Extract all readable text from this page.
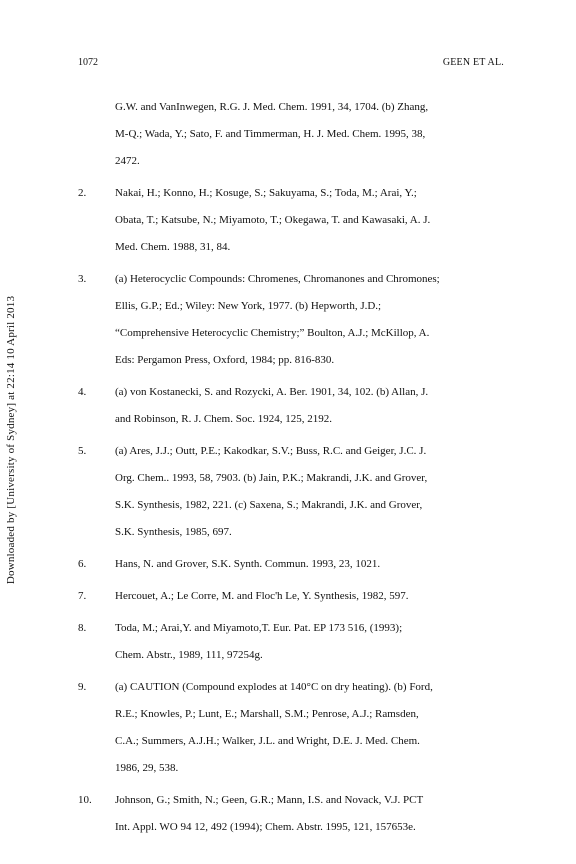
1072	GEEN ET AL.
Downloaded by [University of Sydney] at 22:14 10 April 2013
G.W. and VanInwegen, R.G. J. Med. Chem. 1991, 34, 1704. (b) Zhang,
M-Q.; Wada, Y.; Sato, F. and Timmerman, H. J. Med. Chem. 1995, 38,
2472.
2.	Nakai, H.; Konno, H.; Kosuge, S.; Sakuyama, S.; Toda, M.; Arai, Y.;
Obata, T.; Katsube, N.; Miyamoto, T.; Okegawa, T. and Kawasaki, A. J.
Med. Chem. 1988, 31, 84.
3.	(a) Heterocyclic Compounds: Chromenes, Chromanones and Chromones;
Ellis, G.P.; Ed.; Wiley: New York, 1977. (b) Hepworth, J.D.;
“Comprehensive Heterocyclic Chemistry;” Boulton, A.J.; McKillop, A.
Eds: Pergamon Press, Oxford, 1984; pp. 816-830.
4.	(a) von Kostanecki, S. and Rozycki, A. Ber. 1901, 34, 102. (b) Allan, J.
and Robinson, R. J. Chem. Soc. 1924, 125, 2192.
5.	(a) Ares, J.J.; Outt, P.E.; Kakodkar, S.V.; Buss, R.C. and Geiger, J.C. J.
Org. Chem.. 1993, 58, 7903. (b) Jain, P.K.; Makrandi, J.K. and Grover,
S.K. Synthesis, 1982, 221. (c) Saxena, S.; Makrandi, J.K. and Grover,
S.K. Synthesis, 1985, 697.
6.	Hans, N. and Grover, S.K. Synth. Commun. 1993, 23, 1021.
7.	Hercouet, A.; Le Corre, M. and Floc'h Le, Y. Synthesis, 1982, 597.
8.	Toda, M.; Arai,Y. and Miyamoto,T. Eur. Pat. EP 173 516, (1993);
Chem. Abstr., 1989, 111, 97254g.
9.	(a) CAUTION (Compound explodes at 140°C on dry heating). (b) Ford,
R.E.; Knowles, P.; Lunt, E.; Marshall, S.M.; Penrose, A.J.; Ramsden,
C.A.; Summers, A.J.H.; Walker, J.L. and Wright, D.E. J. Med. Chem.
1986, 29, 538.
10.	Johnson, G.; Smith, N.; Geen, G.R.; Mann, I.S. and Novack, V.J. PCT
Int. Appl. WO 94 12, 492 (1994); Chem. Abstr. 1995, 121, 157653e.
